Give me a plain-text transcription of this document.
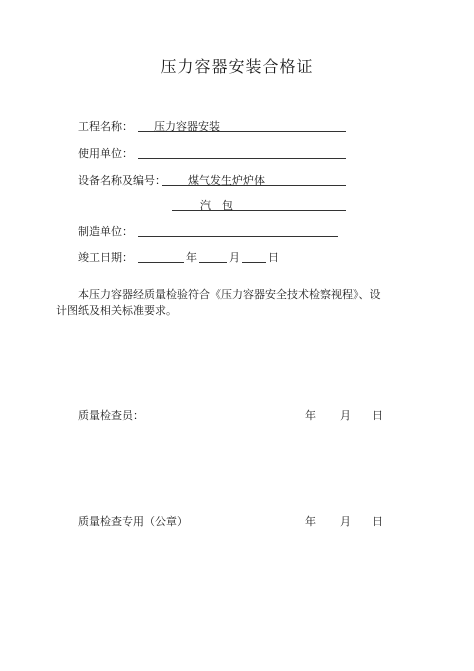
压力容器安装合格证
工程名称： 压力容器安装
使用单位：
设备名称及编号： 煤气发生炉炉体
汽　包
制造单位：
竣工日期：	年	月	日
本压力容器经质量检验符合《压力容器安全技术检察视程》、设
计图纸及相关标准要求。
质量检查员：	年 月 日
质量检查专用（公章）	年 月 日
